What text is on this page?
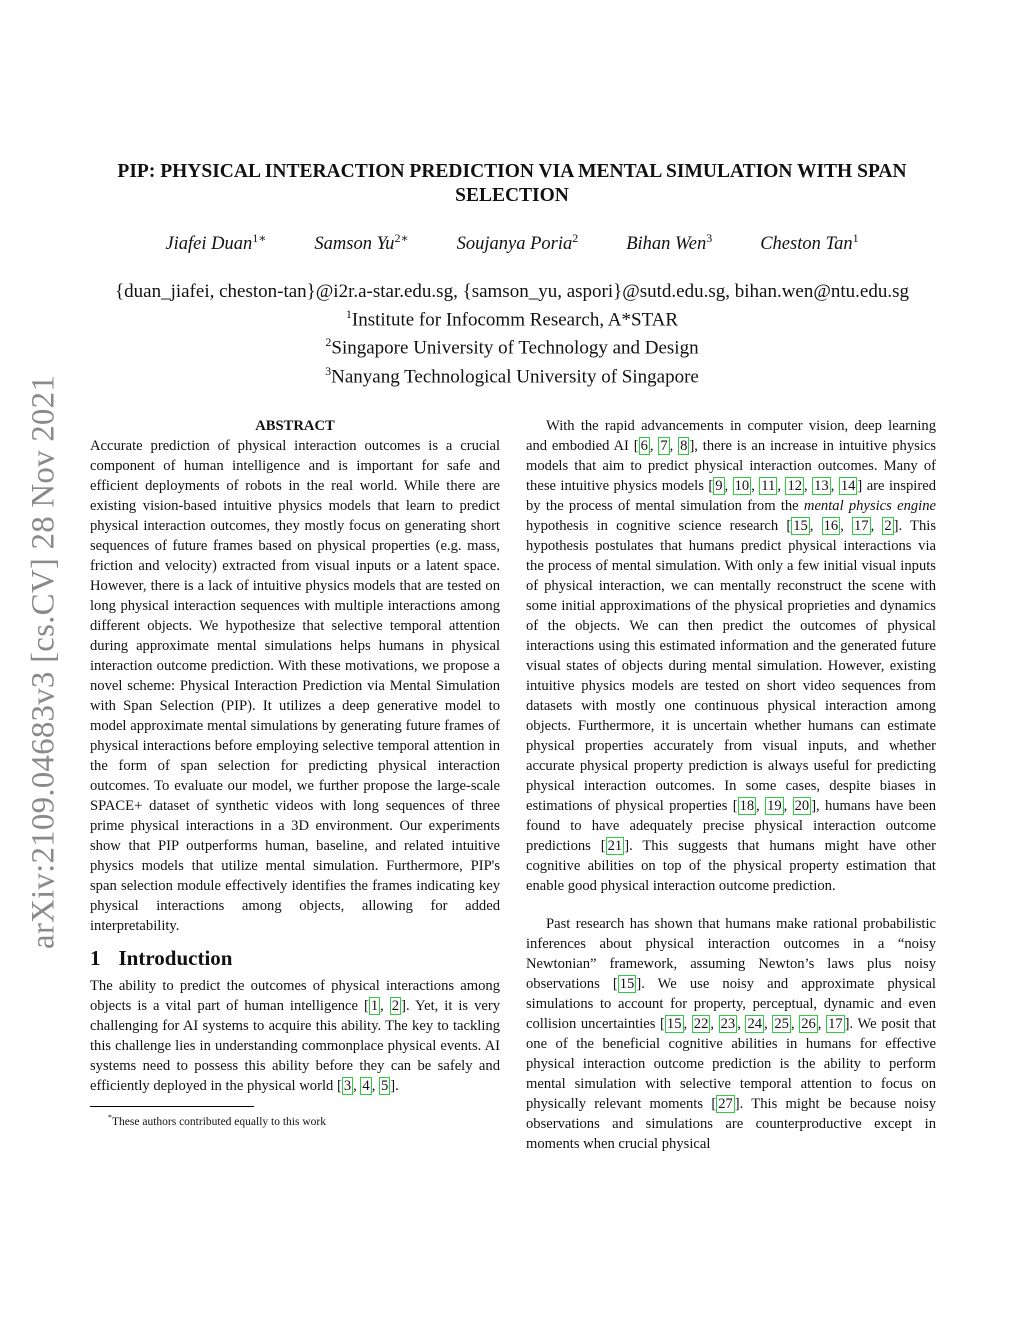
arXiv:2109.04683v3 [cs.CV] 28 Nov 2021
PIP: PHYSICAL INTERACTION PREDICTION VIA MENTAL SIMULATION WITH SPAN
SELECTION
Jiafei Duan$^{1∗}$	Samson $Yu^{2∗}$	Soujanya Poria$^2$	Bihan Wen$^3$	Cheston Tan$^1$
{duan_jiafei, cheston-tan}@i2r.a-star.edu.sg, {samson_yu, aspori}@sutd.edu.sg, bihan.wen@ntu.edu.sg
$^1$Institute for Infocomm Research, A*STAR
$^2$Singapore University of Technology and Design
$^3$Nanyang Technological University of Singapore

ABSTRACT

Accurate prediction of physical interaction outcomes is a crucial component of human intelligence and is important for safe and efficient deployments of robots in the real world. While there are existing vision-based intuitive physics models that learn to predict physical interaction outcomes, they mostly focus on generating short sequences of future frames based on physical properties (e.g. mass, friction and velocity) extracted from visual inputs or a latent space. However, there is a lack of intuitive physics models that are tested on long physical interaction sequences with multiple interactions among different objects. We hypothesize that selective temporal attention during approximate mental simulations helps humans in physical interaction outcome prediction. With these motivations, we propose a novel scheme: Physical Interaction Prediction via Mental Simulation with Span Selection (PIP). It utilizes a deep generative model to model approximate mental simulations by generating future frames of physical interactions before employing selective temporal attention in the form of span selection for predicting physical interaction outcomes. To evaluate our model, we further propose the large-scale SPACE+ dataset of synthetic videos with long sequences of three prime physical interactions in a 3D environment. Our experiments show that PIP outperforms human, baseline, and related intuitive physics models that utilize mental simulation. Furthermore, PIP's span selection module effectively identifies the frames indicating key physical interactions among objects, allowing for added interpretability.

1 Introduction

The ability to predict the outcomes of physical interactions among objects is a vital part of human intelligence [ 1 , 2 ]. Yet, it is very challenging for AI systems to acquire this ability. The key to tackling this challenge lies in understanding commonplace physical events. AI systems need to possess this ability before they can be safely and efficiently deployed in the physical world [ 3 , 4 , 5 ].

*These authors contributed equally to this work

With the rapid advancements in computer vision, deep learning and embodied AI [ 6 , 7 , 8 ], there is an increase in intuitive physics models that aim to predict physical interaction outcomes. Many of these intuitive physics models [ 9 , 10 , 11 , 12 , 13 , 14 ] are inspired by the process of mental simulation from the mental physics engine hypothesis in cognitive science research [ 15 , 16 , 17 , 2 ]. This hypothesis postulates that humans predict physical interactions via the process of mental simulation. With only a few initial visual inputs of physical interaction, we can mentally reconstruct the scene with some initial approximations of the physical proprieties and dynamics of the objects. We can then predict the outcomes of physical interactions using this estimated information and the generated future visual states of objects during mental simulation. However, existing intuitive physics models are tested on short video sequences from datasets with mostly one continuous physical interaction among objects. Furthermore, it is uncertain whether humans can estimate physical properties accurately from visual inputs, and whether accurate physical property prediction is always useful for predicting physical interaction outcomes. In some cases, despite biases in estimations of physical properties [ 18 , 19 , 20 ], humans have been found to have adequately precise physical interaction outcome predictions [ 21 ]. This suggests that humans might have other cognitive abilities on top of the physical property estimation that enable good physical interaction outcome prediction.

Past research has shown that humans make rational probabilistic inferences about physical interaction outcomes in a “noisy Newtonian” framework, assuming Newton’s laws plus noisy observations [ 15 ]. We use noisy and approximate physical simulations to account for property, perceptual, dynamic and even collision uncertainties [ 15 , 22 , 23 , 24 , 25 , 26 , 17 ]. We posit that one of the beneficial cognitive abilities in humans for effective physical interaction outcome prediction is the ability to perform mental simulation with selective temporal attention to focus on physically relevant moments [ 27 ]. This might be because noisy observations and simulations are counterproductive except in moments when crucial physical
